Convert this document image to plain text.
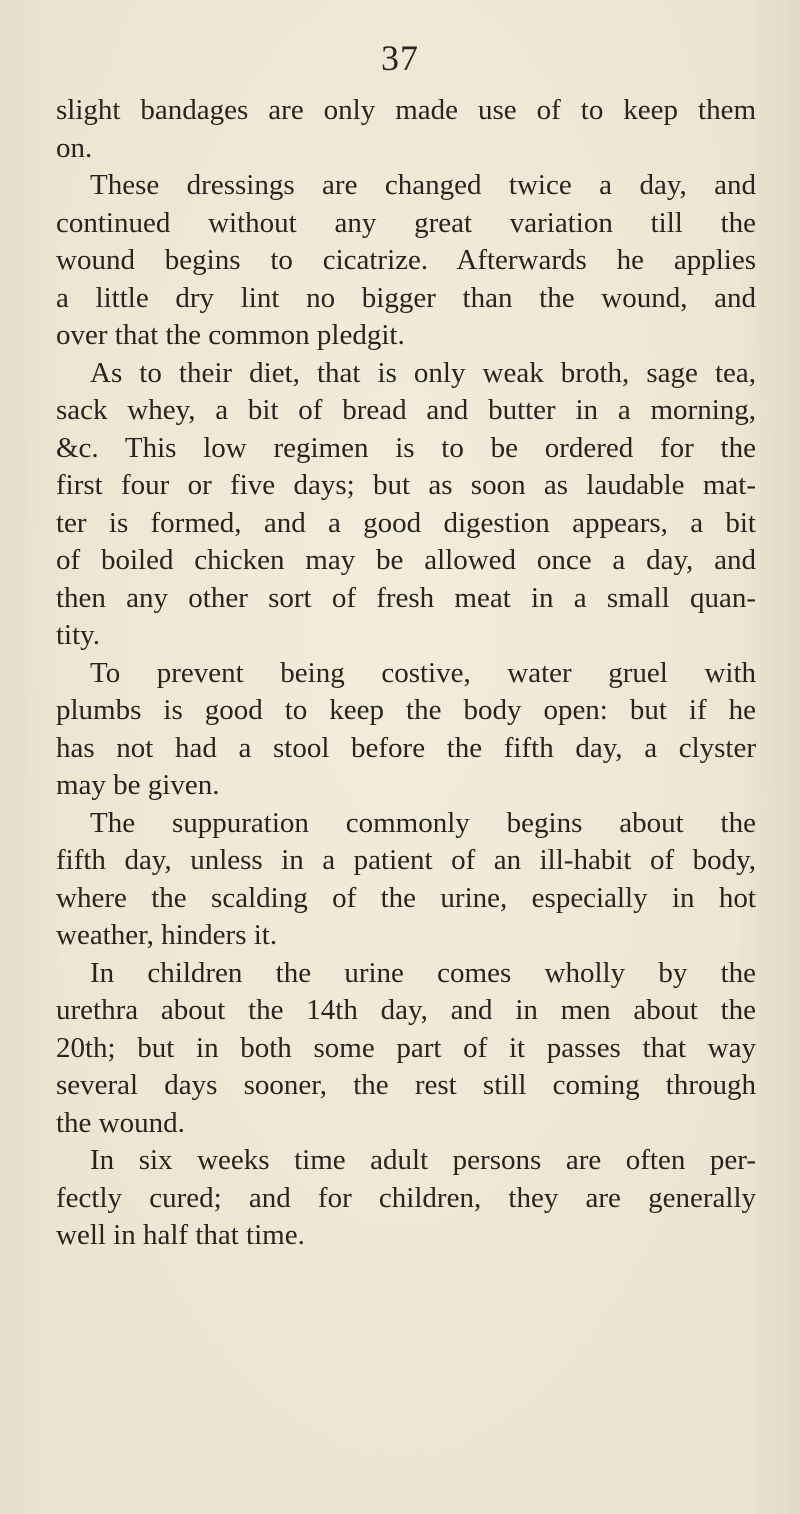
37
slight bandages are only made use of to keep them
on.
These dressings are changed twice a day, and
continued without any great variation till the
wound begins to cicatrize. Afterwards he applies
a little dry lint no bigger than the wound, and
over that the common pledgit.
As to their diet, that is only weak broth, sage tea,
sack whey, a bit of bread and butter in a morning,
&c. This low regimen is to be ordered for the
first four or five days; but as soon as laudable mat-
ter is formed, and a good digestion appears, a bit
of boiled chicken may be allowed once a day, and
then any other sort of fresh meat in a small quan-
tity.
To prevent being costive, water gruel with
plumbs is good to keep the body open: but if he
has not had a stool before the fifth day, a clyster
may be given.
The suppuration commonly begins about the
fifth day, unless in a patient of an ill-habit of body,
where the scalding of the urine, especially in hot
weather, hinders it.
In children the urine comes wholly by the
urethra about the 14th day, and in men about the
20th; but in both some part of it passes that way
several days sooner, the rest still coming through
the wound.
In six weeks time adult persons are often per-
fectly cured; and for children, they are generally
well in half that time.
